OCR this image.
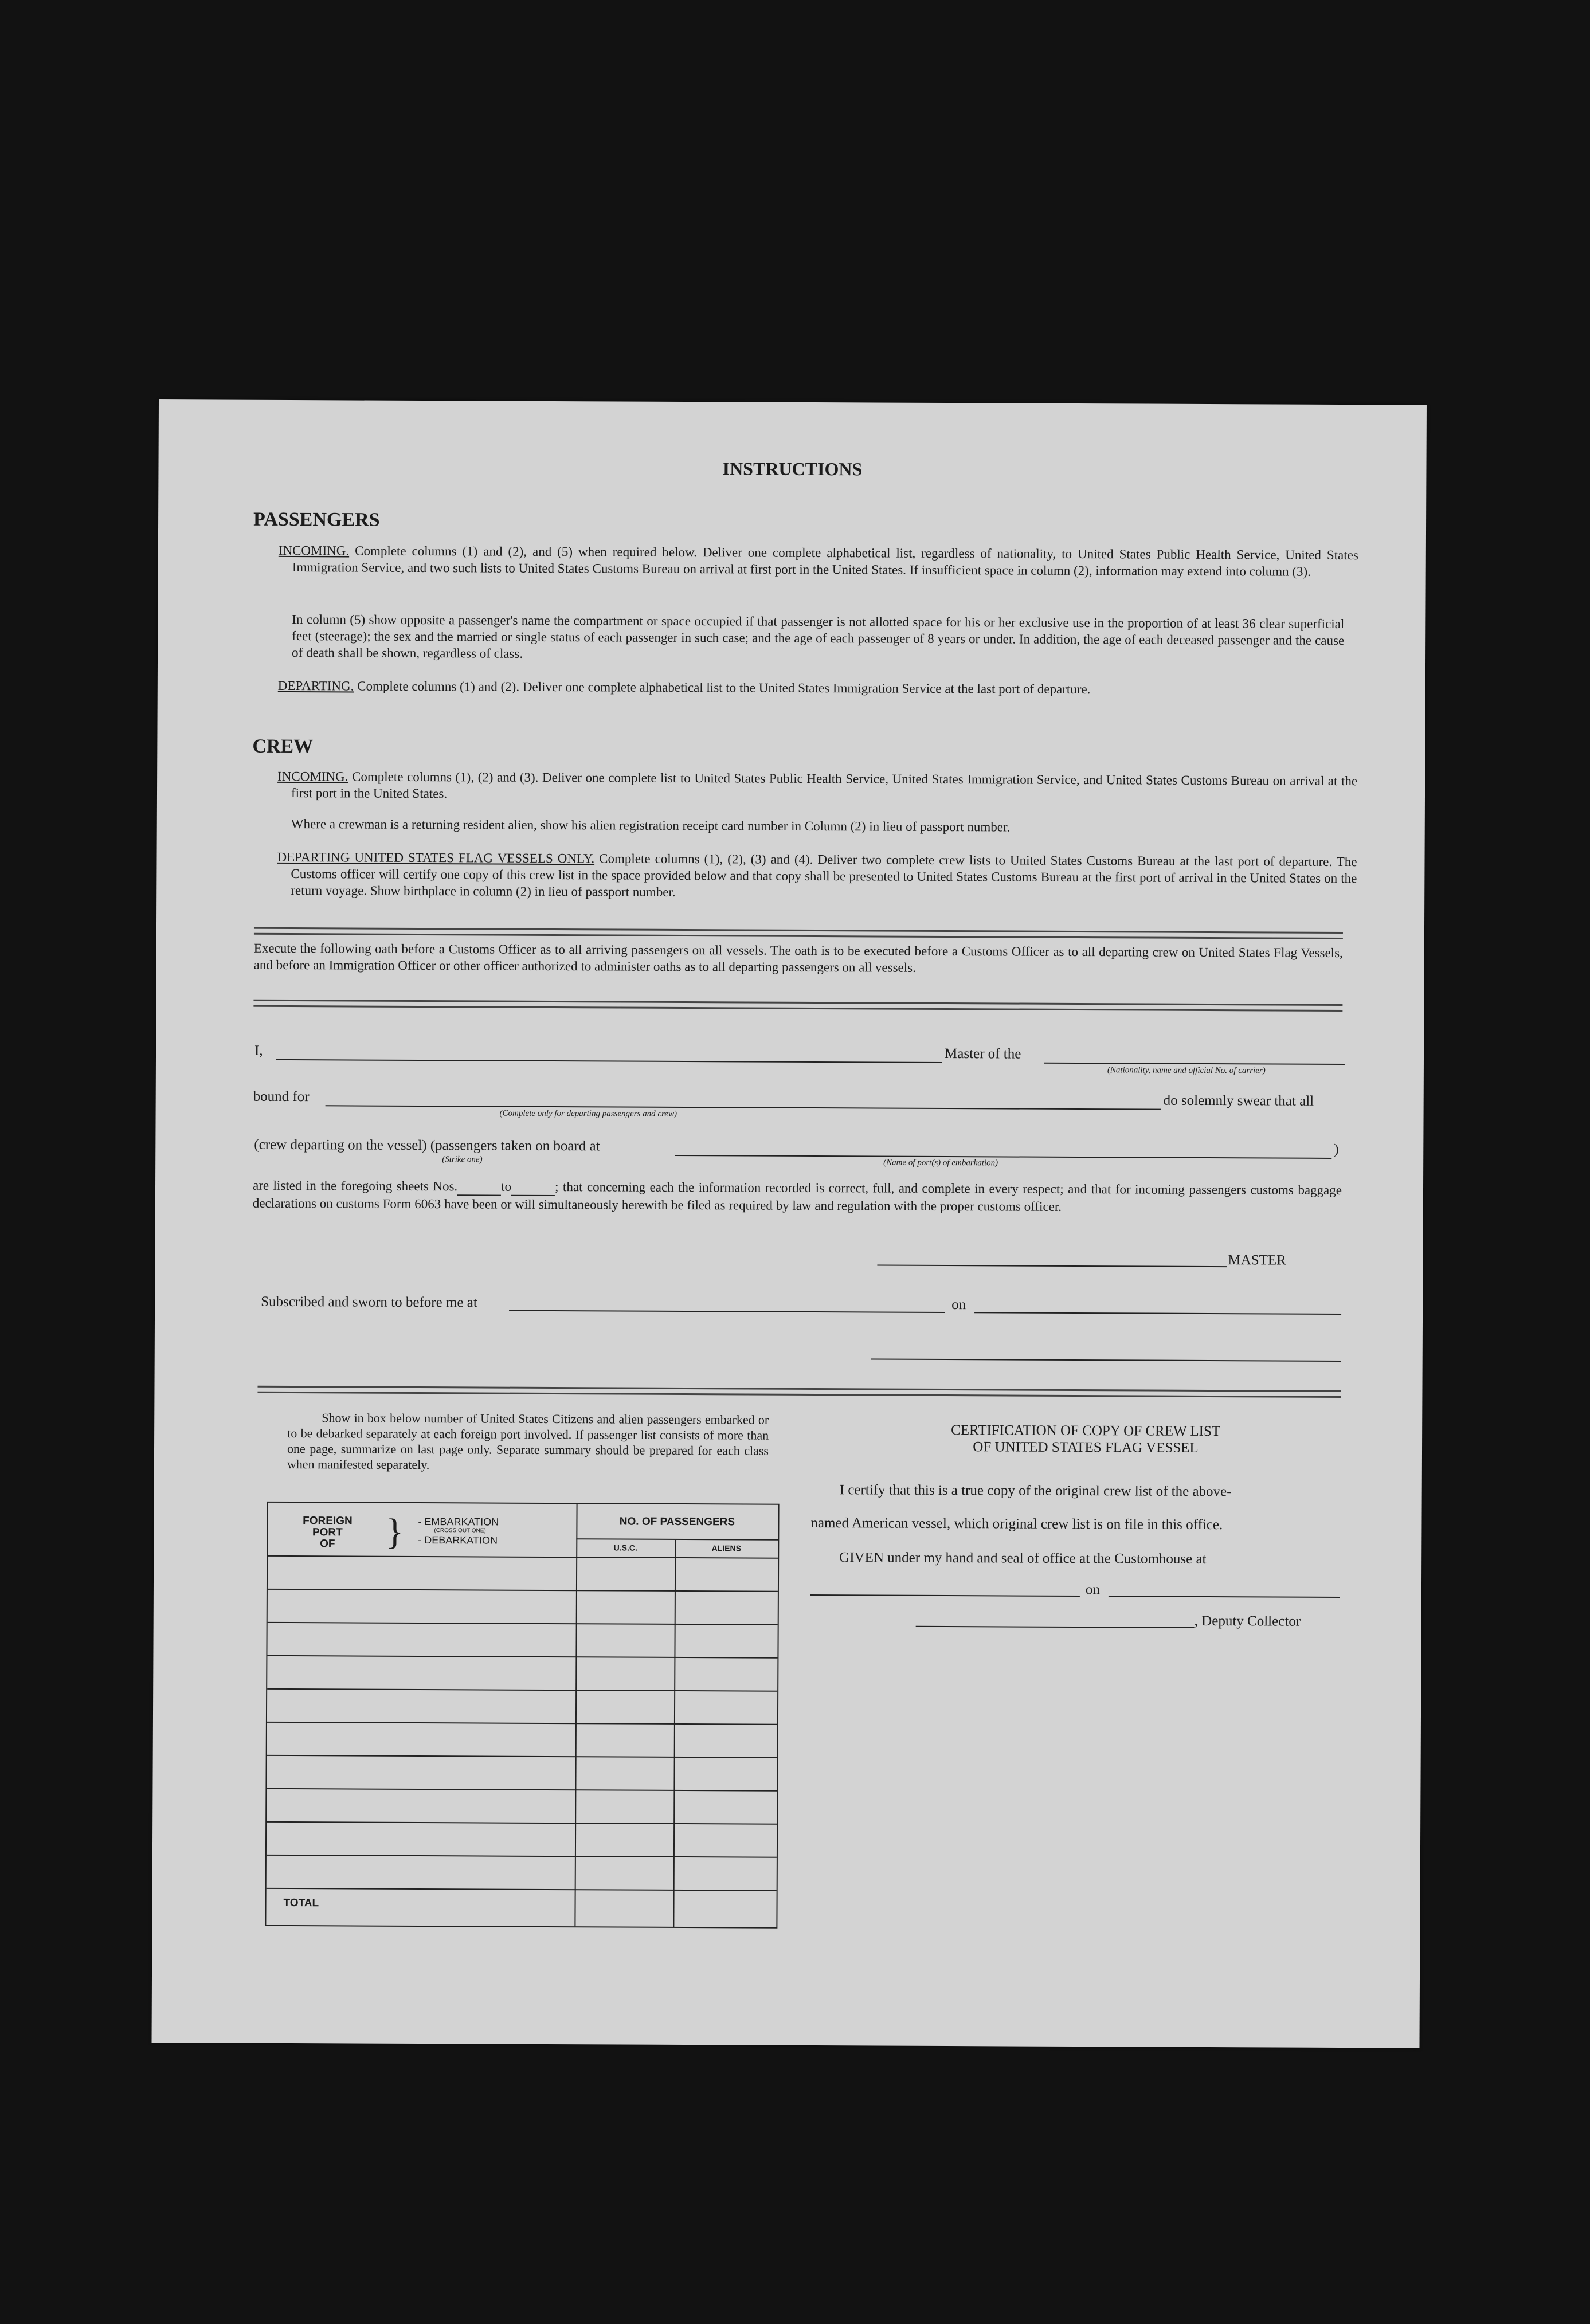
INSTRUCTIONS
PASSENGERS
INCOMING. Complete columns (1) and (2), and (5) when required below. Deliver one complete alphabetical list, regardless of nationality, to United States Public Health Service, United States Immigration Service, and two such lists to United States Customs Bureau on arrival at first port in the United States. If insufficient space in column (2), information may extend into column (3).
In column (5) show opposite a passenger's name the compartment or space occupied if that passenger is not allotted space for his or her exclusive use in the proportion of at least 36 clear superficial feet (steerage); the sex and the married or single status of each passenger in such case; and the age of each passenger of 8 years or under. In addition, the age of each deceased passenger and the cause of death shall be shown, regardless of class.
DEPARTING. Complete columns (1) and (2). Deliver one complete alphabetical list to the United States Immigration Service at the last port of departure.
CREW
INCOMING. Complete columns (1), (2) and (3). Deliver one complete list to United States Public Health Service, United States Immigration Service, and United States Customs Bureau on arrival at the first port in the United States.
Where a crewman is a returning resident alien, show his alien registration receipt card number in Column (2) in lieu of passport number.
DEPARTING UNITED STATES FLAG VESSELS ONLY. Complete columns (1), (2), (3) and (4). Deliver two complete crew lists to United States Customs Bureau at the last port of departure. The Customs officer will certify one copy of this crew list in the space provided below and that copy shall be presented to United States Customs Bureau at the first port of arrival in the United States on the return voyage. Show birthplace in column (2) in lieu of passport number.
Execute the following oath before a Customs Officer as to all arriving passengers on all vessels. The oath is to be executed before a Customs Officer as to all departing crew on United States Flag Vessels, and before an Immigration Officer or other officer authorized to administer oaths as to all departing passengers on all vessels.
I,	Master of the
(Nationality, name and official No. of carrier)
bound for
(Complete only for departing passengers and crew)
do solemnly swear that all
(crew departing on the vessel) (passengers taken on board at
(Strike one)	(Name of port(s) of embarkation)
)
are listed in the foregoing sheets Nos.	to	; that concerning each the information recorded is correct, full, and complete in every respect; and that for incoming passengers customs baggage declarations on customs Form 6063 have been or will simultaneously herewith be filed as required by law and regulation with the proper customs officer.
MASTER
Subscribed and sworn to before me at	on
Show in box below number of United States Citizens and alien passengers embarked or to be debarked separately at each foreign port involved. If passenger list consists of more than one page, summarize on last page only. Separate summary should be prepared for each class when manifested separately.
FOREIGN
PORT
OF	} - EMBARKATION
(CROSS OUT ONE)
- DEBARKATION
NO. OF PASSENGERS
U.S.C.	ALIENS
TOTAL
CERTIFICATION OF COPY OF CREW LIST
OF UNITED STATES FLAG VESSEL
I certify that this is a true copy of the original crew list of the above-
named American vessel, which original crew list is on file in this office.
GIVEN under my hand and seal of office at the Customhouse at
on
, Deputy Collector
